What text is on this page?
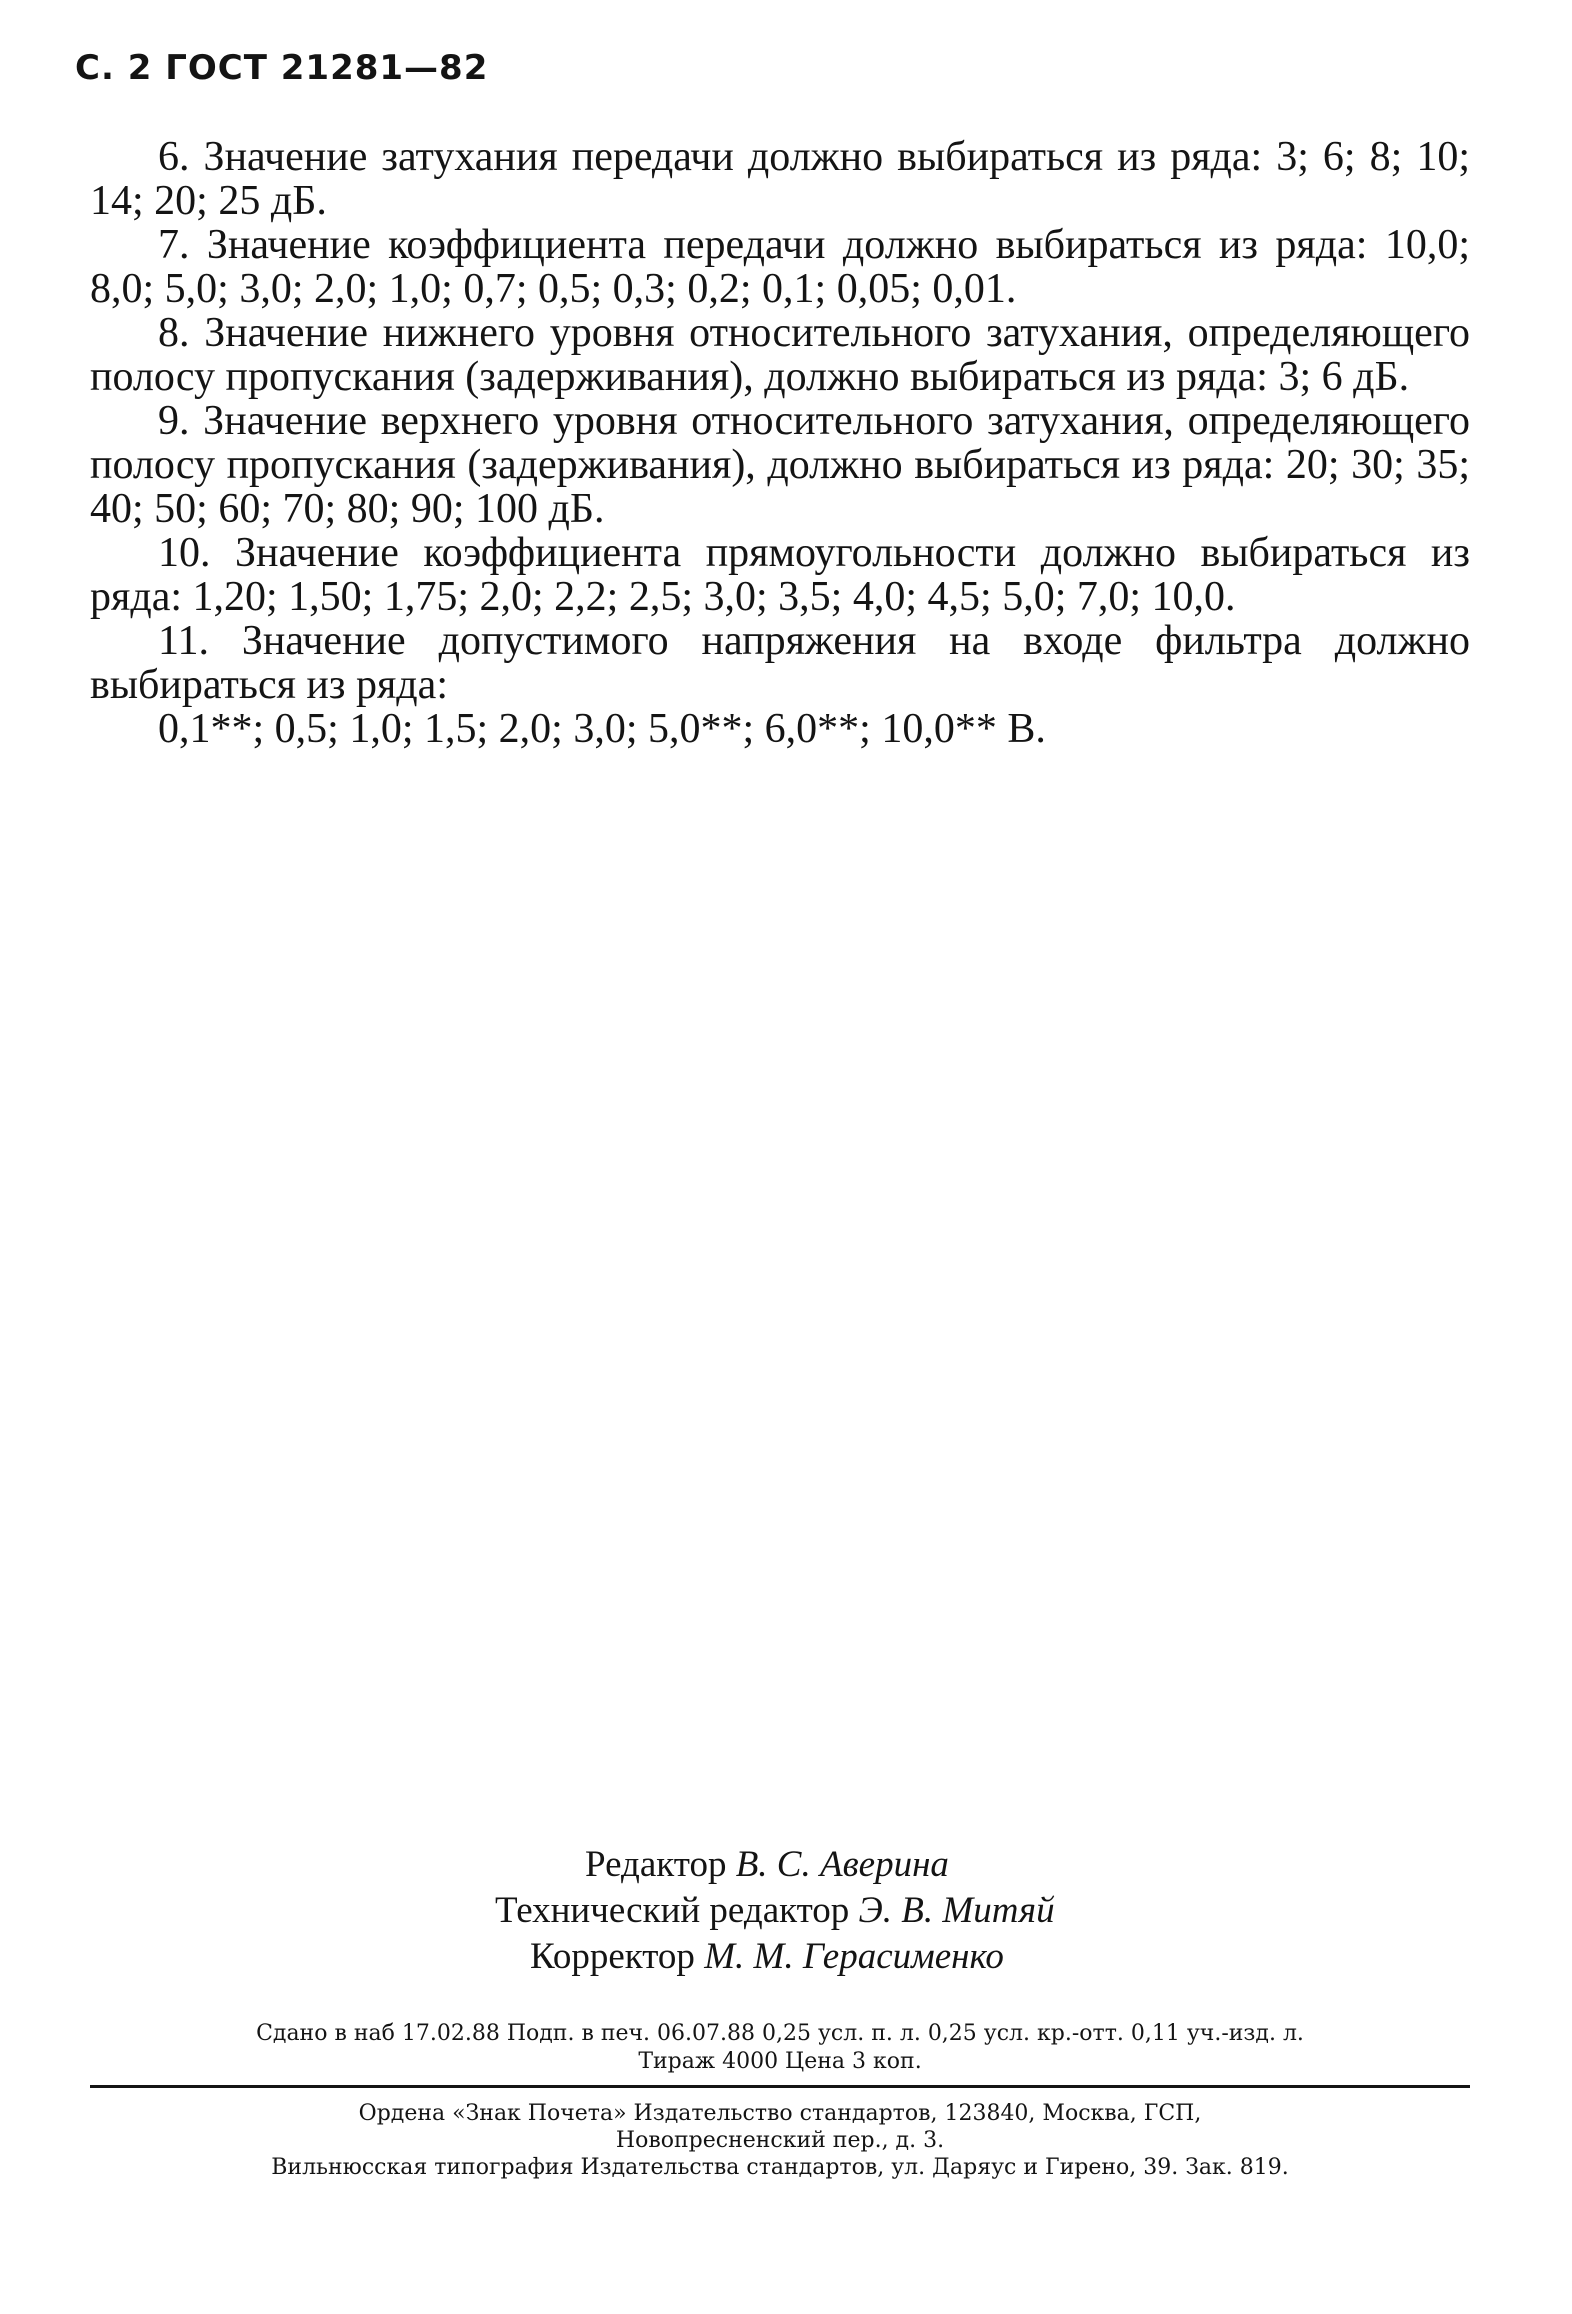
С. 2 ГОСТ 21281—82

6. Значение затухания передачи должно выбираться из ряда: 3; 6; 8; 10; 14; 20; 25 дБ.

7. Значение коэффициента передачи должно выбираться из ряда: 10,0; 8,0; 5,0; 3,0; 2,0; 1,0; 0,7; 0,5; 0,3; 0,2; 0,1; 0,05; 0,01.

8. Значение нижнего уровня относительного затухания, определяющего полосу пропускания (задерживания), должно выбираться из ряда: 3; 6 дБ.

9. Значение верхнего уровня относительного затухания, определяющего полосу пропускания (задерживания), должно выбираться из ряда: 20; 30; 35; 40; 50; 60; 70; 80; 90; 100 дБ.

10. Значение коэффициента прямоугольности должно выбираться из ряда: 1,20; 1,50; 1,75; 2,0; 2,2; 2,5; 3,0; 3,5; 4,0; 4,5; 5,0; 7,0; 10,0.

11. Значение допустимого напряжения на входе фильтра должно выбираться из ряда:

0,1**; 0,5; 1,0; 1,5; 2,0; 3,0; 5,0**; 6,0**; 10,0** В.

Редактор В. С. Аверина
Технический редактор Э. В. Митяй
Корректор М. М. Герасименко
Сдано в наб 17.02.88 Подп. в печ. 06.07.88 0,25 усл. п. л. 0,25 усл. кр.-отт. 0,11 уч.-изд. л.
Тираж 4000 Цена 3 коп.
Ордена «Знак Почета» Издательство стандартов, 123840, Москва, ГСП,
Новопресненский пер., д. 3.
Вильнюсская типография Издательства стандартов, ул. Даряус и Гирено, 39. Зак. 819.
